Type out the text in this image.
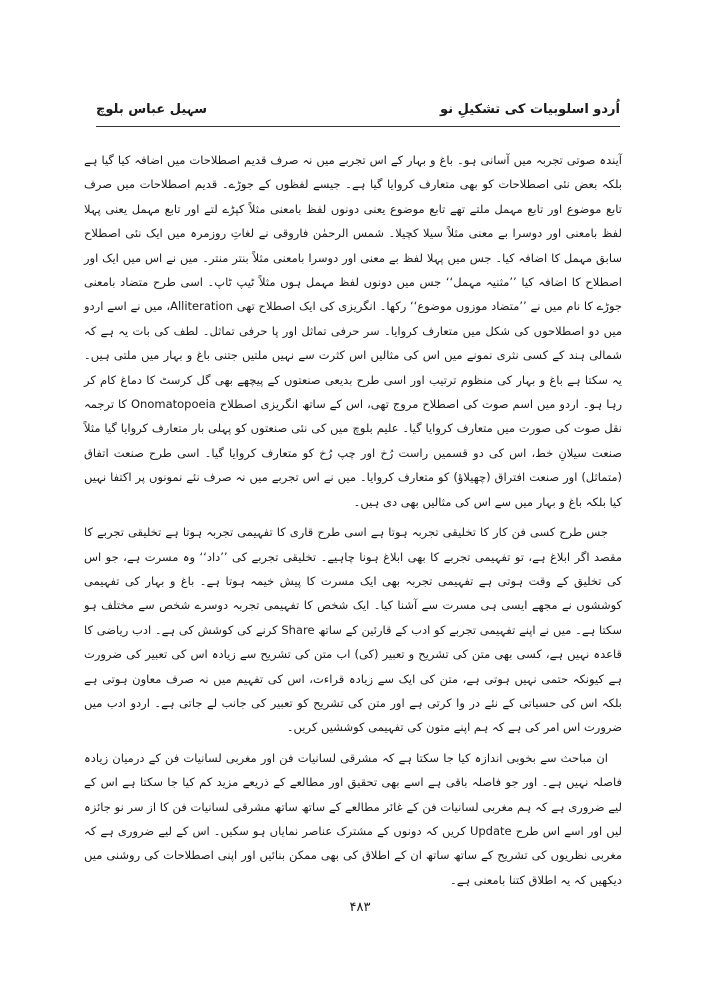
اُردو اسلوبیات کی تشکیلِ نو
سہیل عباس بلوچ

آیندہ صوتی تجربہ میں آسانی ہو۔ باغ و بہار کے اس تجربے میں نہ صرف قدیم اصطلاحات میں اضافہ کیا گیا ہے بلکہ بعض نئی اصطلاحات کو بھی متعارف کروایا گیا ہے۔ جیسے لفظوں کے جوڑے۔ قدیم اصطلاحات میں صرف تابع موضوع اور تابع مہمل ملتے تھے تابع موضوع یعنی دونوں لفظ بامعنی مثلاً کپڑے لتے اور تابع مہمل یعنی پہلا لفظ بامعنی اور دوسرا بے معنی مثلاً سیلا کچیلا۔ شمس الرحمٰن فاروقی نے لغاتِ روزمرہ میں ایک نئی اصطلاح سابق مہمل کا اضافہ کیا۔ جس میں پہلا لفظ بے معنی اور دوسرا بامعنی مثلاً بنتر منتر۔ میں نے اس میں ایک اور اصطلاح کا اضافہ کیا ’’مثنیہ مہمل‘‘ جس میں دونوں لفظ مہمل ہوں مثلاً ٹیپ ٹاپ۔ اسی طرح متضاد بامعنی جوڑے کا نام میں نے ’’متضاد موزوں موضوع‘‘ رکھا۔ انگریزی کی ایک اصطلاح تھی Alliteration، میں نے اسے اردو میں دو اصطلاحوں کی شکل میں متعارف کروایا۔ سر حرفی تماثل اور پا حرفی تماثل۔ لطف کی بات یہ ہے کہ شمالی ہند کے کسی نثری نمونے میں اس کی مثالیں اس کثرت سے نہیں ملتیں جتنی باغ و بہار میں ملتی ہیں۔ یہ سکتا ہے باغ و بہار کی منظوم ترتیب اور اسی طرح بدیعی صنعتوں کے پیچھے بھی گل کرسٹ کا دماغ کام کر رہا ہو۔ اردو میں اسم صوت کی اصطلاح مروج تھی، اس کے ساتھ انگریزی اصطلاح Onomatopoeia کا ترجمہ نقل صوت کی صورت میں متعارف کروایا گیا۔ علیم بلوچ میں کی نئی صنعتوں کو پہلی بار متعارف کروایا گیا مثلاً صنعت سیلانِ خط، اس کی دو قسمیں راست رُخ اور چپ رُخ کو متعارف کروایا گیا۔ اسی طرح صنعت اتفاق (متماثل) اور صنعت افتراق (چھیلاؤ) کو متعارف کروایا۔ میں نے اس تجربے میں نہ صرف نئے نمونوں پر اکتفا نہیں کیا بلکہ باغ و بہار میں سے اس کی مثالیں بھی دی ہیں۔

جس طرح کسی فن کار کا تخلیقی تجربہ ہوتا ہے اسی طرح قاری کا تفہیمی تجربہ ہوتا ہے تخلیقی تجربے کا مقصد اگر ابلاغ ہے، تو تفہیمی تجربے کا بھی ابلاغ ہونا چاہیے۔ تخلیقی تجربے کی ’’داد‘‘ وہ مسرت ہے، جو اس کی تخلیق کے وقت ہوتی ہے تفہیمی تجربہ بھی ایک مسرت کا پیش خیمہ ہوتا ہے۔ باغ و بہار کی تفہیمی کوششوں نے مجھے ایسی ہی مسرت سے آشنا کیا۔ ایک شخص کا تفہیمی تجربہ دوسرے شخص سے مختلف ہو سکتا ہے۔ میں نے اپنے تفہیمی تجربے کو ادب کے قارئین کے ساتھ Share کرنے کی کوشش کی ہے۔ ادب ریاضی کا قاعدہ نہیں ہے، کسی بھی متن کی تشریح و تعبیر (کی) اب متن کی تشریح سے زیادہ اس کی تعبیر کی ضرورت ہے کیونکہ حتمی نہیں ہوتی ہے، متن کی ایک سے زیادہ قراءت، اس کی تفہیم میں نہ صرف معاون ہوتی ہے بلکہ اس کی حسیاتی کے نئے در وا کرتی ہے اور متن کی تشریح کو تعبیر کی جانب لے جاتی ہے۔ اردو ادب میں ضرورت اس امر کی ہے کہ ہم اپنے متون کی تفہیمی کوششیں کریں۔

ان مباحث سے بخوبی اندازہ کیا جا سکتا ہے کہ مشرقی لسانیات فن اور مغربی لسانیات فن کے درمیان زیادہ فاصلہ نہیں ہے۔ اور جو فاصلہ باقی ہے اسے بھی تحقیق اور مطالعے کے ذریعے مزید کم کیا جا سکتا ہے اس کے لیے ضروری ہے کہ ہم مغربی لسانیات فن کے غائر مطالعے کے ساتھ ساتھ مشرقی لسانیات فن کا از سر نو جائزہ لیں اور اسے اس طرح Update کریں کہ دونوں کے مشترک عناصر نمایاں ہو سکیں۔ اس کے لیے ضروری ہے کہ مغربی نظریوں کی تشریح کے ساتھ ساتھ ان کے اطلاق کی بھی ممکن بنائیں اور اپنی اصطلاحات کی روشنی میں دیکھیں کہ یہ اطلاق کتنا بامعنی ہے۔

۴۸۳
